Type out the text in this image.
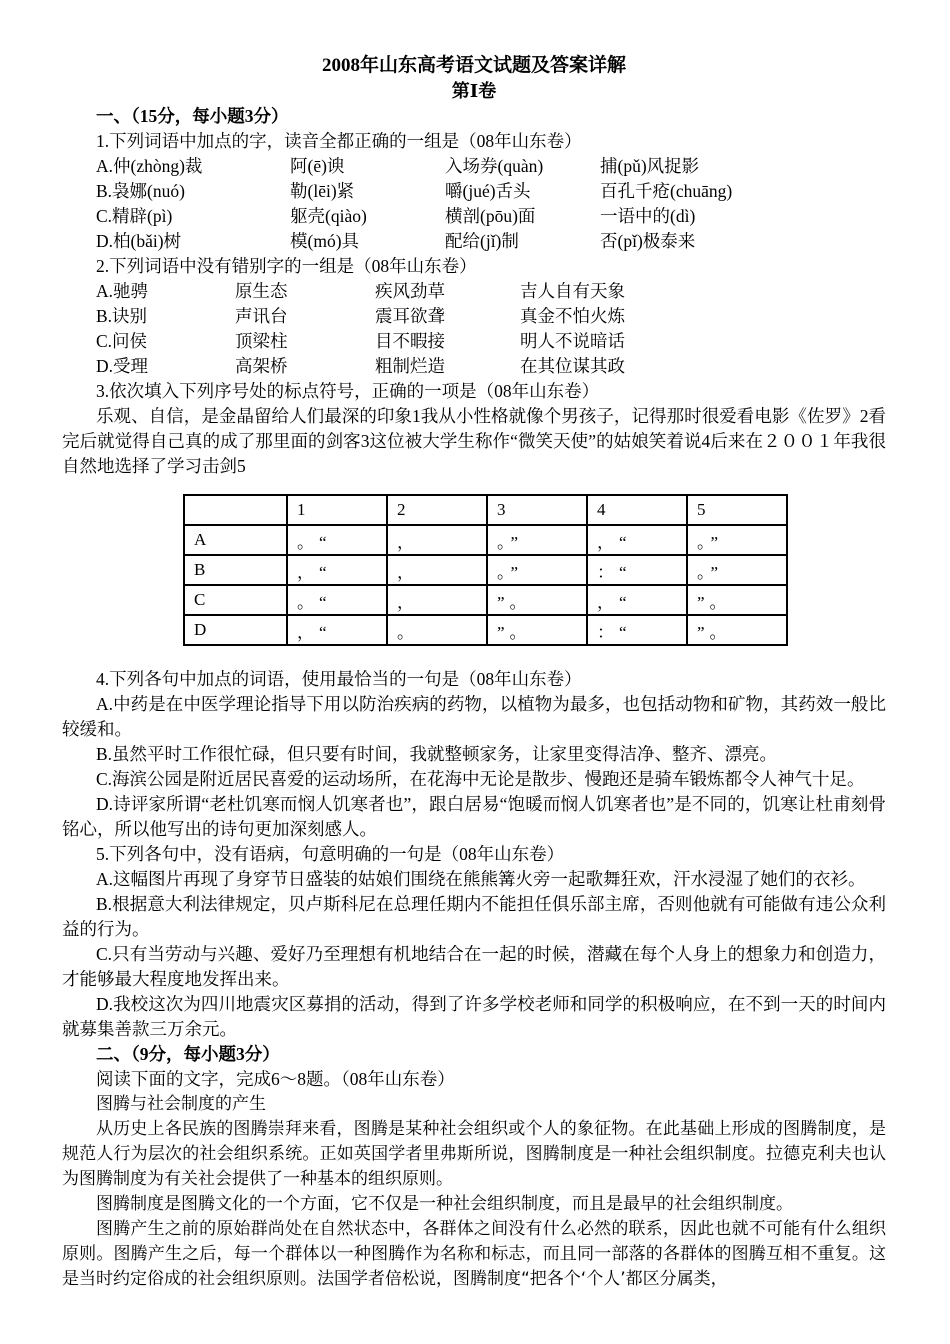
2008年山东高考语文试题及答案详解
第Ⅰ卷

一、（15分，每小题3分）

1.下列词语中加点的字，读音全都正确的一组是（08年山东卷）

A.仲(zhòng)裁	阿(ē)谀	入场券(quàn)	捕(pǔ)风捉影
B.袅娜(nuó)	勒(lēi)紧	嚼(jué)舌头	百孔千疮(chuāng)
C.精辟(pì)	躯壳(qiào)	横剖(pōu)面	一语中的(dì)
D.柏(bǎi)树	模(mó)具	配给(jǐ)制	否(pǐ)极泰来

2.下列词语中没有错别字的一组是（08年山东卷）

A.驰骋	原生态	疾风劲草	吉人自有天象
B.诀别	声讯台	震耳欲聋	真金不怕火炼
C.问侯	顶梁柱	目不暇接	明人不说暗话
D.受理	高架桥	粗制烂造	在其位谋其政

3.依次填入下列序号处的标点符号，正确的一项是（08年山东卷）

乐观、自信，是金晶留给人们最深的印象1我从小性格就像个男孩子，记得那时很爱看电影《佐罗》2看完后就觉得自己真的成了那里面的剑客3这位被大学生称作“微笑天使”的姑娘笑着说4后来在２００１年我很自然地选择了学习击剑5

	1	2	3	4	5
A	。“	，	。”	，“	。”
B	，“	，	。”	：“	。”
C	。“	，	”。	，“	”。
D	，“	。	”。	：“	”。

4.下列各句中加点的词语，使用最恰当的一句是（08年山东卷）

A.中药是在中医学理论指导下用以防治疾病的药物，以植物为最多，也包括动物和矿物，其药效一般比较缓和。

B.虽然平时工作很忙碌，但只要有时间，我就整顿家务，让家里变得洁净、整齐、漂亮。

C.海滨公园是附近居民喜爱的运动场所，在花海中无论是散步、慢跑还是骑车锻炼都令人神气十足。

D.诗评家所谓“老杜饥寒而悯人饥寒者也”，跟白居易“饱暖而悯人饥寒者也”是不同的，饥寒让杜甫刻骨铭心，所以他写出的诗句更加深刻感人。

5.下列各句中，没有语病，句意明确的一句是（08年山东卷）

A.这幅图片再现了身穿节日盛装的姑娘们围绕在熊熊篝火旁一起歌舞狂欢，汗水浸湿了她们的衣衫。

B.根据意大利法律规定，贝卢斯科尼在总理任期内不能担任俱乐部主席，否则他就有可能做有违公众利益的行为。

C.只有当劳动与兴趣、爱好乃至理想有机地结合在一起的时候，潜藏在每个人身上的想象力和创造力，才能够最大程度地发挥出来。

D.我校这次为四川地震灾区募捐的活动，得到了许多学校老师和同学的积极响应，在不到一天的时间内就募集善款三万余元。

二、（9分，每小题3分）

阅读下面的文字，完成6～8题。（08年山东卷）

图腾与社会制度的产生

从历史上各民族的图腾崇拜来看，图腾是某种社会组织或个人的象征物。在此基础上形成的图腾制度，是规范人行为层次的社会组织系统。正如英国学者里弗斯所说，图腾制度是一种社会组织制度。拉德克利夫也认为图腾制度为有关社会提供了一种基本的组织原则。

图腾制度是图腾文化的一个方面，它不仅是一种社会组织制度，而且是最早的社会组织制度。

图腾产生之前的原始群尚处在自然状态中，各群体之间没有什么必然的联系，因此也就不可能有什么组织原则。图腾产生之后，每一个群体以一种图腾作为名称和标志，而且同一部落的各群体的图腾互相不重复。这是当时约定俗成的社会组织原则。法国学者倍松说，图腾制度“把各个‘个人’都区分属类，
